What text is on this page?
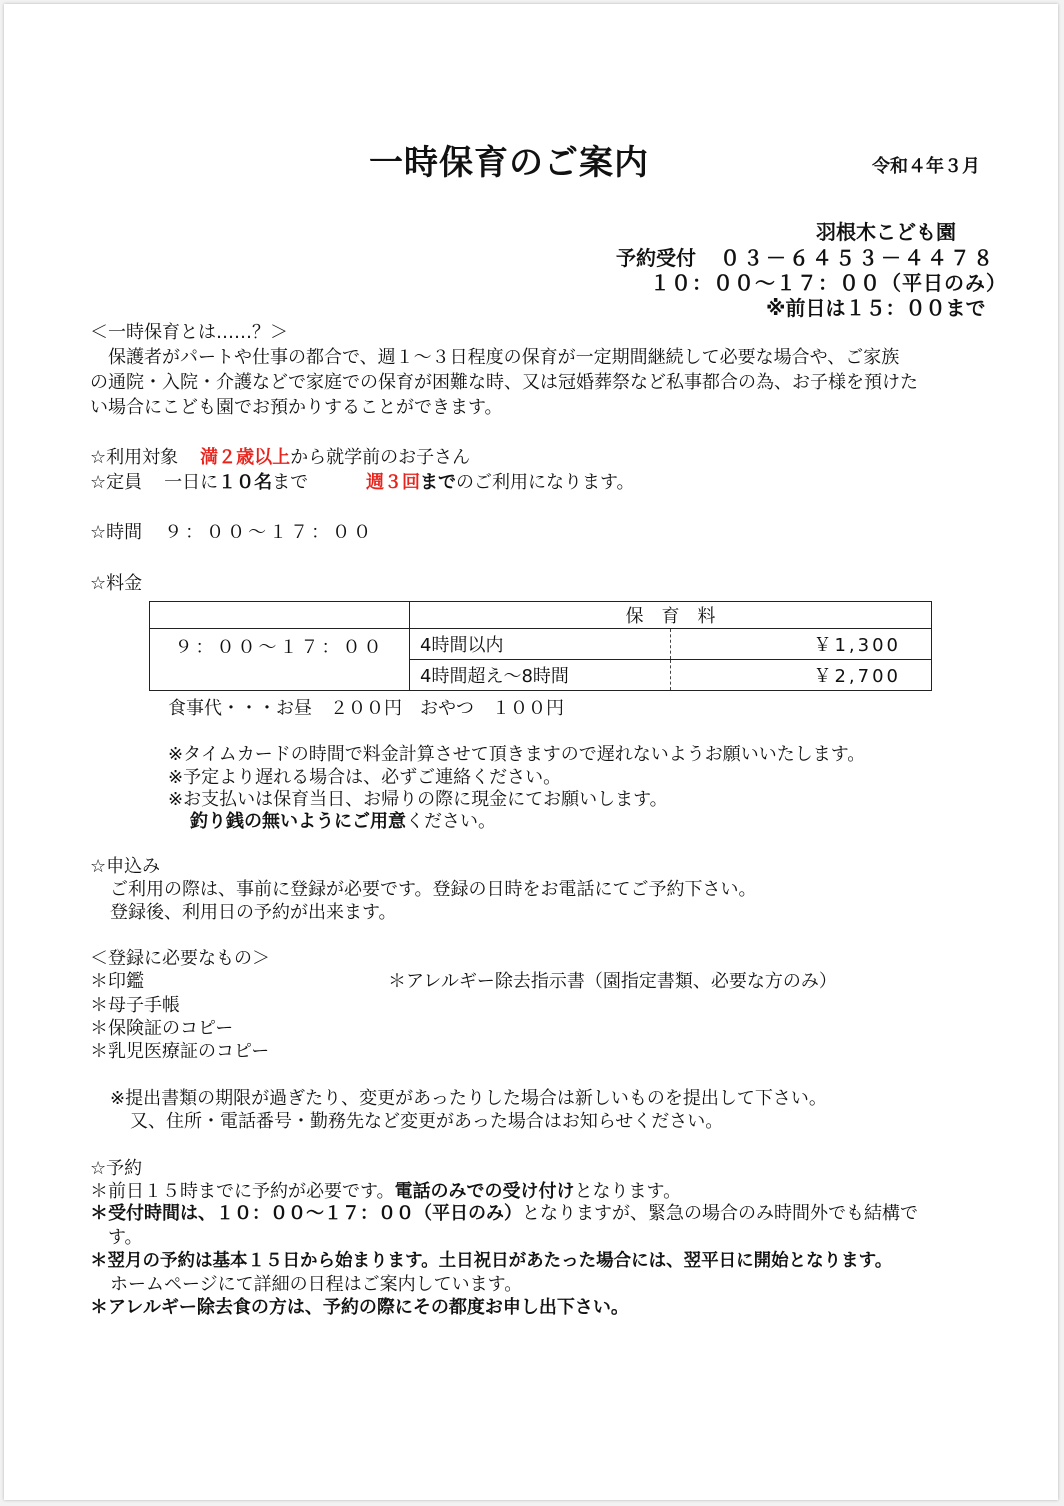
一時保育のご案内	令和４年３月
羽根木こども園
予約受付 ０３－６４５３－４４７８
１０：００～１７：００（平日のみ）
※前日は１５：００まで
＜一時保育とは……？＞
保護者がパートや仕事の都合で、週１～３日程度の保育が一定期間継続して必要な場合や、ご家族
の通院・入院・介護などで家庭での保育が困難な時、又は冠婚葬祭など私事都合の為、お子様を預けた
い場合にこども園でお預かりすることができます。
☆利用対象 満２歳以上から就学前のお子さん
☆定員 一日に１０名まで	週３回までのご利用になります。
☆時間 ９：００～１７：００
☆料金
	保　育　料	
９：００～１７：００	4時間以内	￥1,300
	4時間超え～8時間	￥2,700
食事代・・・お昼　２００円　おやつ　１００円
※タイムカードの時間で料金計算させて頂きますので遅れないようお願いいたします。
※予定より遅れる場合は、必ずご連絡ください。
※お支払いは保育当日、お帰りの際に現金にてお願いします。
釣り銭の無いようにご用意ください。
☆申込み
ご利用の際は、事前に登録が必要です。登録の日時をお電話にてご予約下さい。
登録後、利用日の予約が出来ます。
＜登録に必要なもの＞
＊印鑑	＊アレルギー除去指示書（園指定書類、必要な方のみ）
＊母子手帳
＊保険証のコピー
＊乳児医療証のコピー
※提出書類の期限が過ぎたり、変更があったりした場合は新しいものを提出して下さい。
又、住所・電話番号・勤務先など変更があった場合はお知らせください。
☆予約
＊前日１５時までに予約が必要です。電話のみでの受け付けとなります。
＊受付時間は、１０：００～１７：００（平日のみ）となりますが、緊急の場合のみ時間外でも結構で
す。
＊翌月の予約は基本１５日から始まります。土日祝日があたった場合には、翌平日に開始となります。
ホームページにて詳細の日程はご案内しています。
＊アレルギー除去食の方は、予約の際にその都度お申し出下さい。
